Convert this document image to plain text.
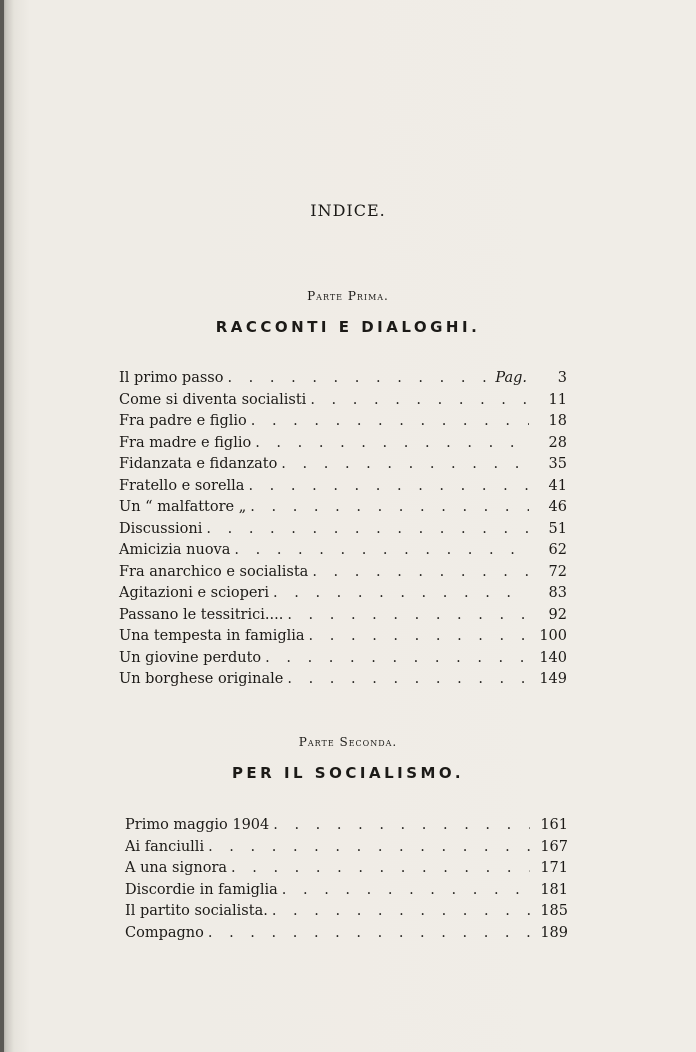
INDICE.
Parte Prima.
RACCONTI E DIALOGHI.
Il primo passo . . .	Pag.	3
Come si diventa socialisti . . .	11
Fra padre e figlio . . .	18
Fra madre e figlio . . .	28
Fidanzata e fidanzato . . .	35
Fratello e sorella . . .	41
Un “ malfattore „ . . .	46
Discussioni . . .	51
Amicizia nuova . . .	62
Fra anarchico e socialista . . .	72
Agitazioni e scioperi . . .	83
Passano le tessitrici.... . . .	92
Una tempesta in famiglia . . .	100
Un giovine perduto . . .	140
Un borghese originale . . .	149
Parte Seconda.
PER IL SOCIALISMO.
Primo maggio 1904 . . .	161
Ai fanciulli . . .	167
A una signora . . .	171
Discordie in famiglia . . .	181
Il partito socialista. . . .	185
Compagno . . .	189
